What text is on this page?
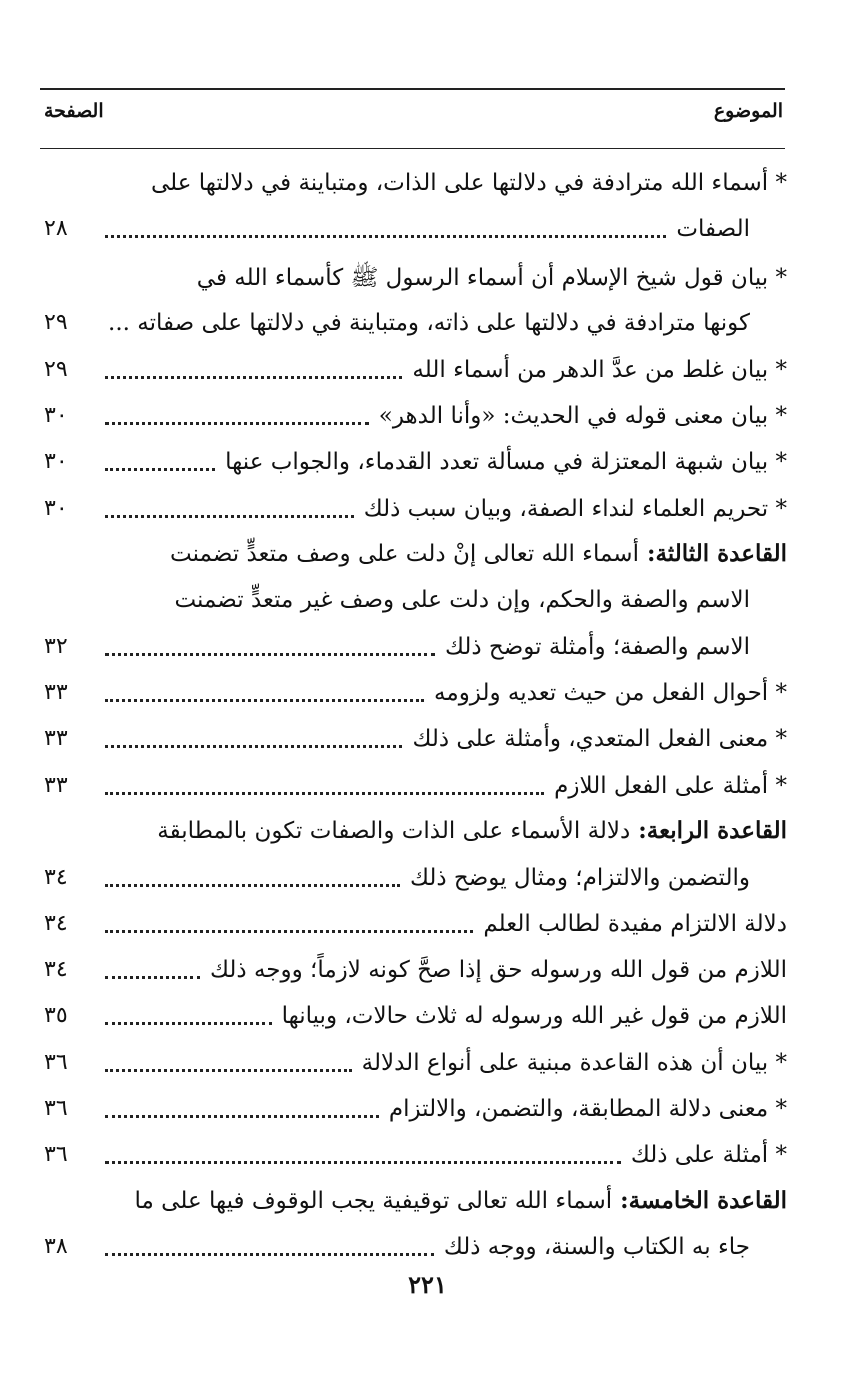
الموضوع
الصفحة
* أسماء الله مترادفة في دلالتها على الذات، ومتباينة في دلالتها على
الصفات
٢٨
* بيان قول شيخ الإسلام أن أسماء الرسول ﷺ كأسماء الله في
كونها مترادفة في دلالتها على ذاته، ومتباينة في دلالتها على صفاته ...
٢٩
* بيان غلط من عدَّ الدهر من أسماء الله
٢٩
* بيان معنى قوله في الحديث: «وأنا الدهر»
٣٠
* بيان شبهة المعتزلة في مسألة تعدد القدماء، والجواب عنها
٣٠
* تحريم العلماء لنداء الصفة، وبيان سبب ذلك
٣٠
القاعدة الثالثة: أسماء الله تعالى إنْ دلت على وصف متعدٍّ تضمنت
الاسم والصفة والحكم، وإن دلت على وصف غير متعدٍّ تضمنت
الاسم والصفة؛ وأمثلة توضح ذلك
٣٢
* أحوال الفعل من حيث تعديه ولزومه
٣٣
* معنى الفعل المتعدي، وأمثلة على ذلك
٣٣
* أمثلة على الفعل اللازم
٣٣
القاعدة الرابعة: دلالة الأسماء على الذات والصفات تكون بالمطابقة
والتضمن والالتزام؛ ومثال يوضح ذلك
٣٤
دلالة الالتزام مفيدة لطالب العلم
٣٤
اللازم من قول الله ورسوله حق إذا صحَّ كونه لازماً؛ ووجه ذلك
٣٤
اللازم من قول غير الله ورسوله له ثلاث حالات، وبيانها
٣٥
* بيان أن هذه القاعدة مبنية على أنواع الدلالة
٣٦
* معنى دلالة المطابقة، والتضمن، والالتزام
٣٦
* أمثلة على ذلك
٣٦
القاعدة الخامسة: أسماء الله تعالى توقيفية يجب الوقوف فيها على ما
جاء به الكتاب والسنة، ووجه ذلك
٣٨
٢٢١
